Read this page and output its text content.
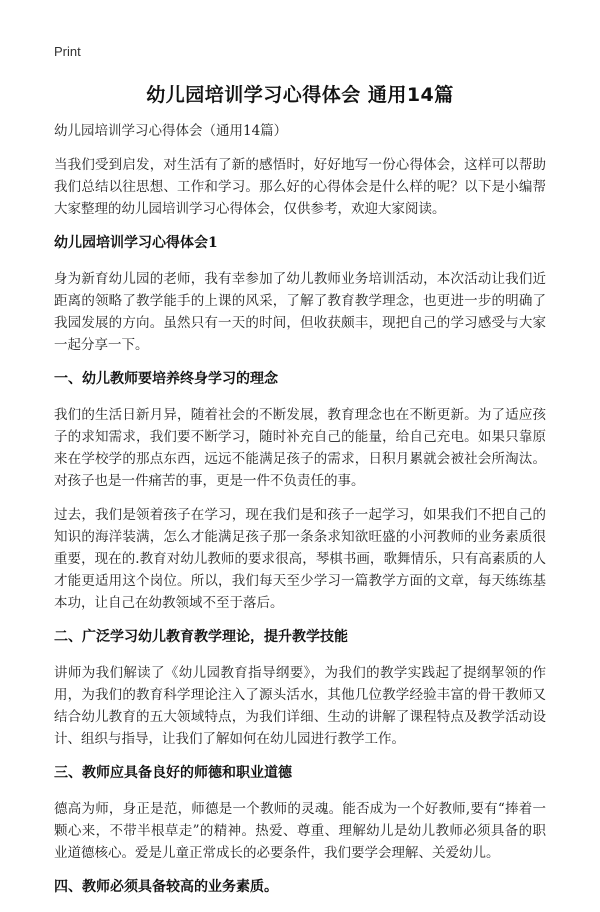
Print
幼儿园培训学习心得体会 通用14篇

幼儿园培训学习心得体会（通用14篇）

当我们受到启发，对生活有了新的感悟时，好好地写一份心得体会，这样可以帮助我们总结以往思想、工作和学习。那么好的心得体会是什么样的呢？以下是小编帮大家整理的幼儿园培训学习心得体会，仅供参考，欢迎大家阅读。

幼儿园培训学习心得体会1

身为新育幼儿园的老师，我有幸参加了幼儿教师业务培训活动，本次活动让我们近距离的领略了教学能手的上课的风采，了解了教育教学理念，也更进一步的明确了我园发展的方向。虽然只有一天的时间，但收获颇丰，现把自己的学习感受与大家一起分享一下。

一、幼儿教师要培养终身学习的理念

我们的生活日新月异，随着社会的不断发展，教育理念也在不断更新。为了适应孩子的求知需求，我们要不断学习，随时补充自己的能量，给自己充电。如果只靠原来在学校学的那点东西，远远不能满足孩子的需求，日积月累就会被社会所淘汰。对孩子也是一件痛苦的事，更是一件不负责任的事。

过去，我们是领着孩子在学习，现在我们是和孩子一起学习，如果我们不把自己的知识的海洋装满，怎么才能满足孩子那一条条求知欲旺盛的小河教师的业务素质很重要，现在的.教育对幼儿教师的要求很高，琴棋书画，歌舞情乐，只有高素质的人才能更适用这个岗位。所以，我们每天至少学习一篇教学方面的文章，每天练练基本功，让自己在幼教领域不至于落后。

二、广泛学习幼儿教育教学理论，提升教学技能

讲师为我们解读了《幼儿园教育指导纲要》，为我们的教学实践起了提纲挈领的作用，为我们的教育科学理论注入了源头活水，其他几位教学经验丰富的骨干教师又结合幼儿教育的五大领域特点，为我们详细、生动的讲解了课程特点及教学活动设计、组织与指导，让我们了解如何在幼儿园进行教学工作。

三、教师应具备良好的师德和职业道德

德高为师，身正是范，师德是一个教师的灵魂。能否成为一个好教师,要有“捧着一颗心来，不带半根草走”的精神。热爱、尊重、理解幼儿是幼儿教师必须具备的职业道德核心。爱是儿童正常成长的必要条件，我们要学会理解、关爱幼儿。

四、教师必须具备较高的业务素质。
